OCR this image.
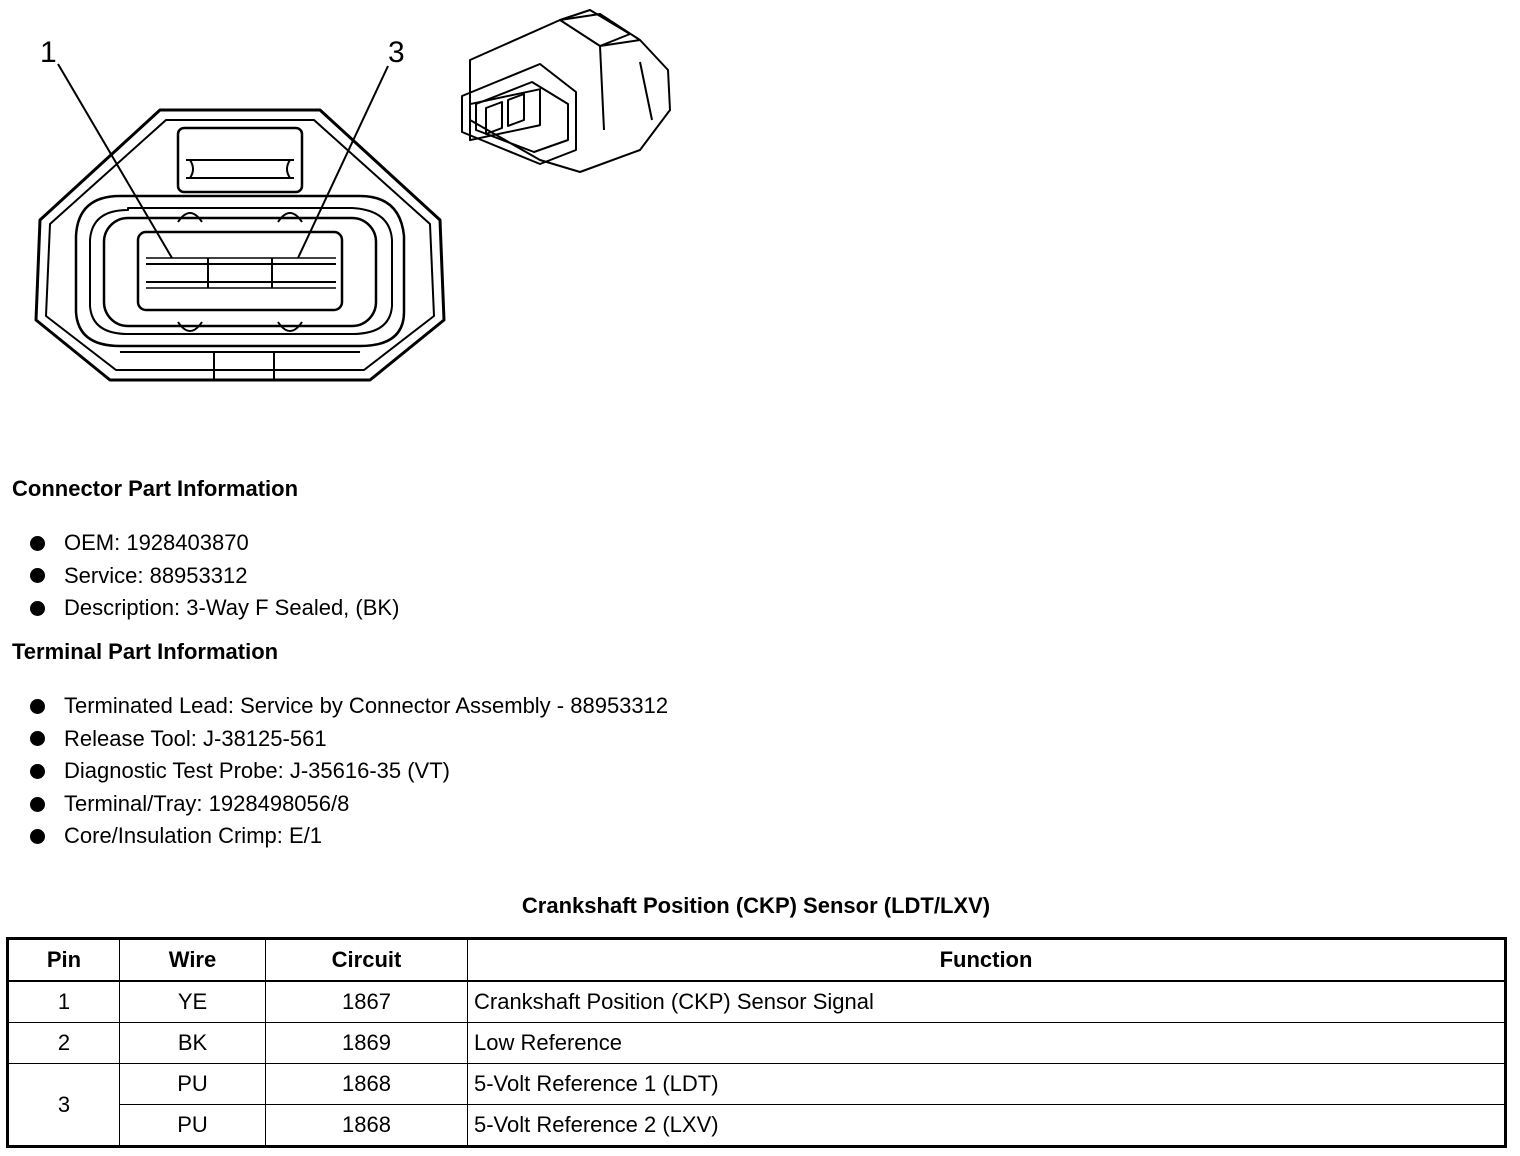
1	3
Connector Part Information
OEM: 1928403870
Service: 88953312
Description: 3-Way F Sealed, (BK)
Terminal Part Information
Terminated Lead: Service by Connector Assembly - 88953312
Release Tool: J-38125-561
Diagnostic Test Probe: J-35616-35 (VT)
Terminal/Tray: 1928498056/8
Core/Insulation Crimp: E/1
Crankshaft Position (CKP) Sensor (LDT/LXV)
Pin	Wire	Circuit	Function
1	YE	1867	Crankshaft Position (CKP) Sensor Signal
2	BK	1869	Low Reference
3	PU	1868	5-Volt Reference 1 (LDT)
	PU	1868	5-Volt Reference 2 (LXV)
